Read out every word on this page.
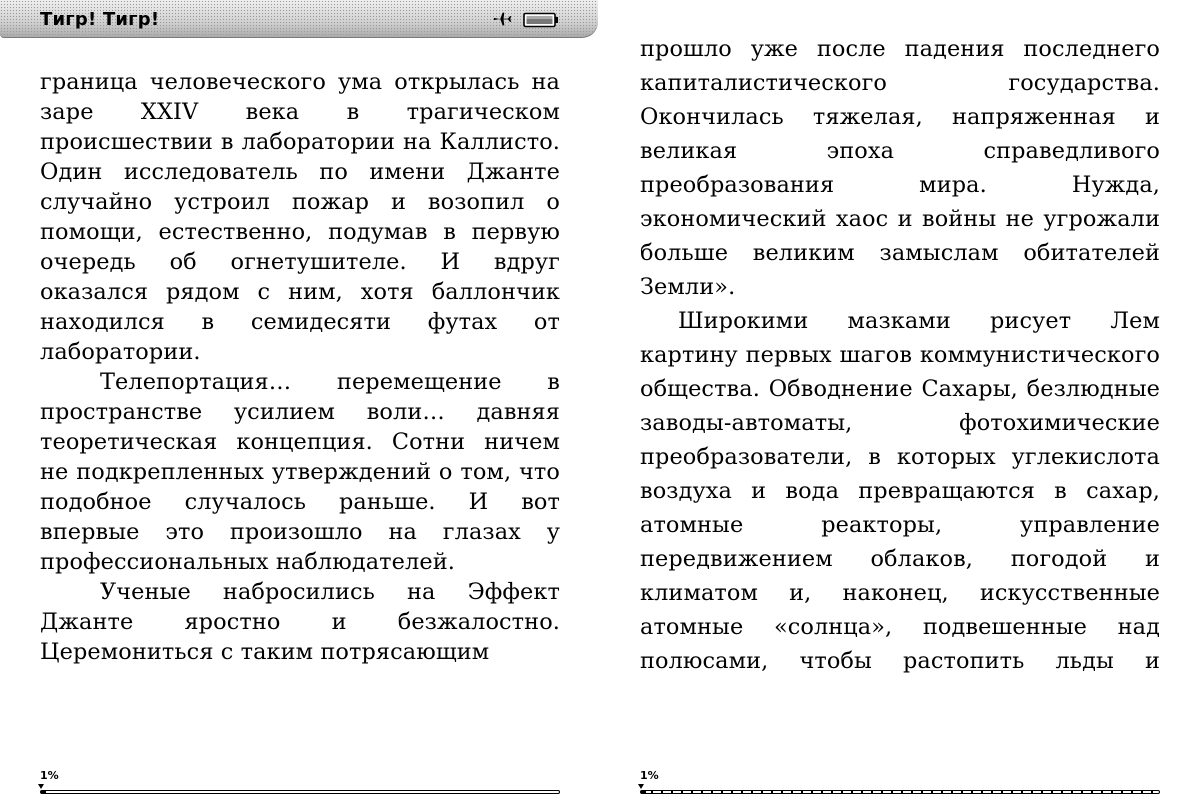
Тигр! Тигр!

граница человеческого ума открылась на заре XXIV века в трагическом происшествии в лаборатории на Каллисто. Один исследователь по имени Джанте случайно устроил пожар и возопил о помощи, естественно, подумав в первую очередь об огнетушителе. И вдруг оказался рядом с ним, хотя баллончик находился в семидесяти футах от лаборатории.

Телепортация… перемещение в пространстве усилием воли… давняя теоретическая концепция. Сотни ничем не подкрепленных утверждений о том, что подобное случалось раньше. И вот впервые это произошло на глазах у профессиональных наблюдателей.

Ученые набросились на Эффект Джанте яростно и безжалостно. Церемониться с таким потрясающим

1%

прошло уже после падения последнего капиталистического государства. Окончилась тяжелая, напряженная и великая эпоха справедливого преобразования мира. Нужда, экономический хаос и войны не угрожали больше великим замыслам обитателей Земли».

Широкими мазками рисует Лем картину первых шагов коммунистического общества. Обводнение Сахары, безлюдные заводы-автоматы, фотохимические преобразователи, в которых углекислота воздуха и вода превращаются в сахар, атомные реакторы, управление передвижением облаков, погодой и климатом и, наконец, искусственные атомные «солнца», подвешенные над полюсами, чтобы растопить льды и

1%
